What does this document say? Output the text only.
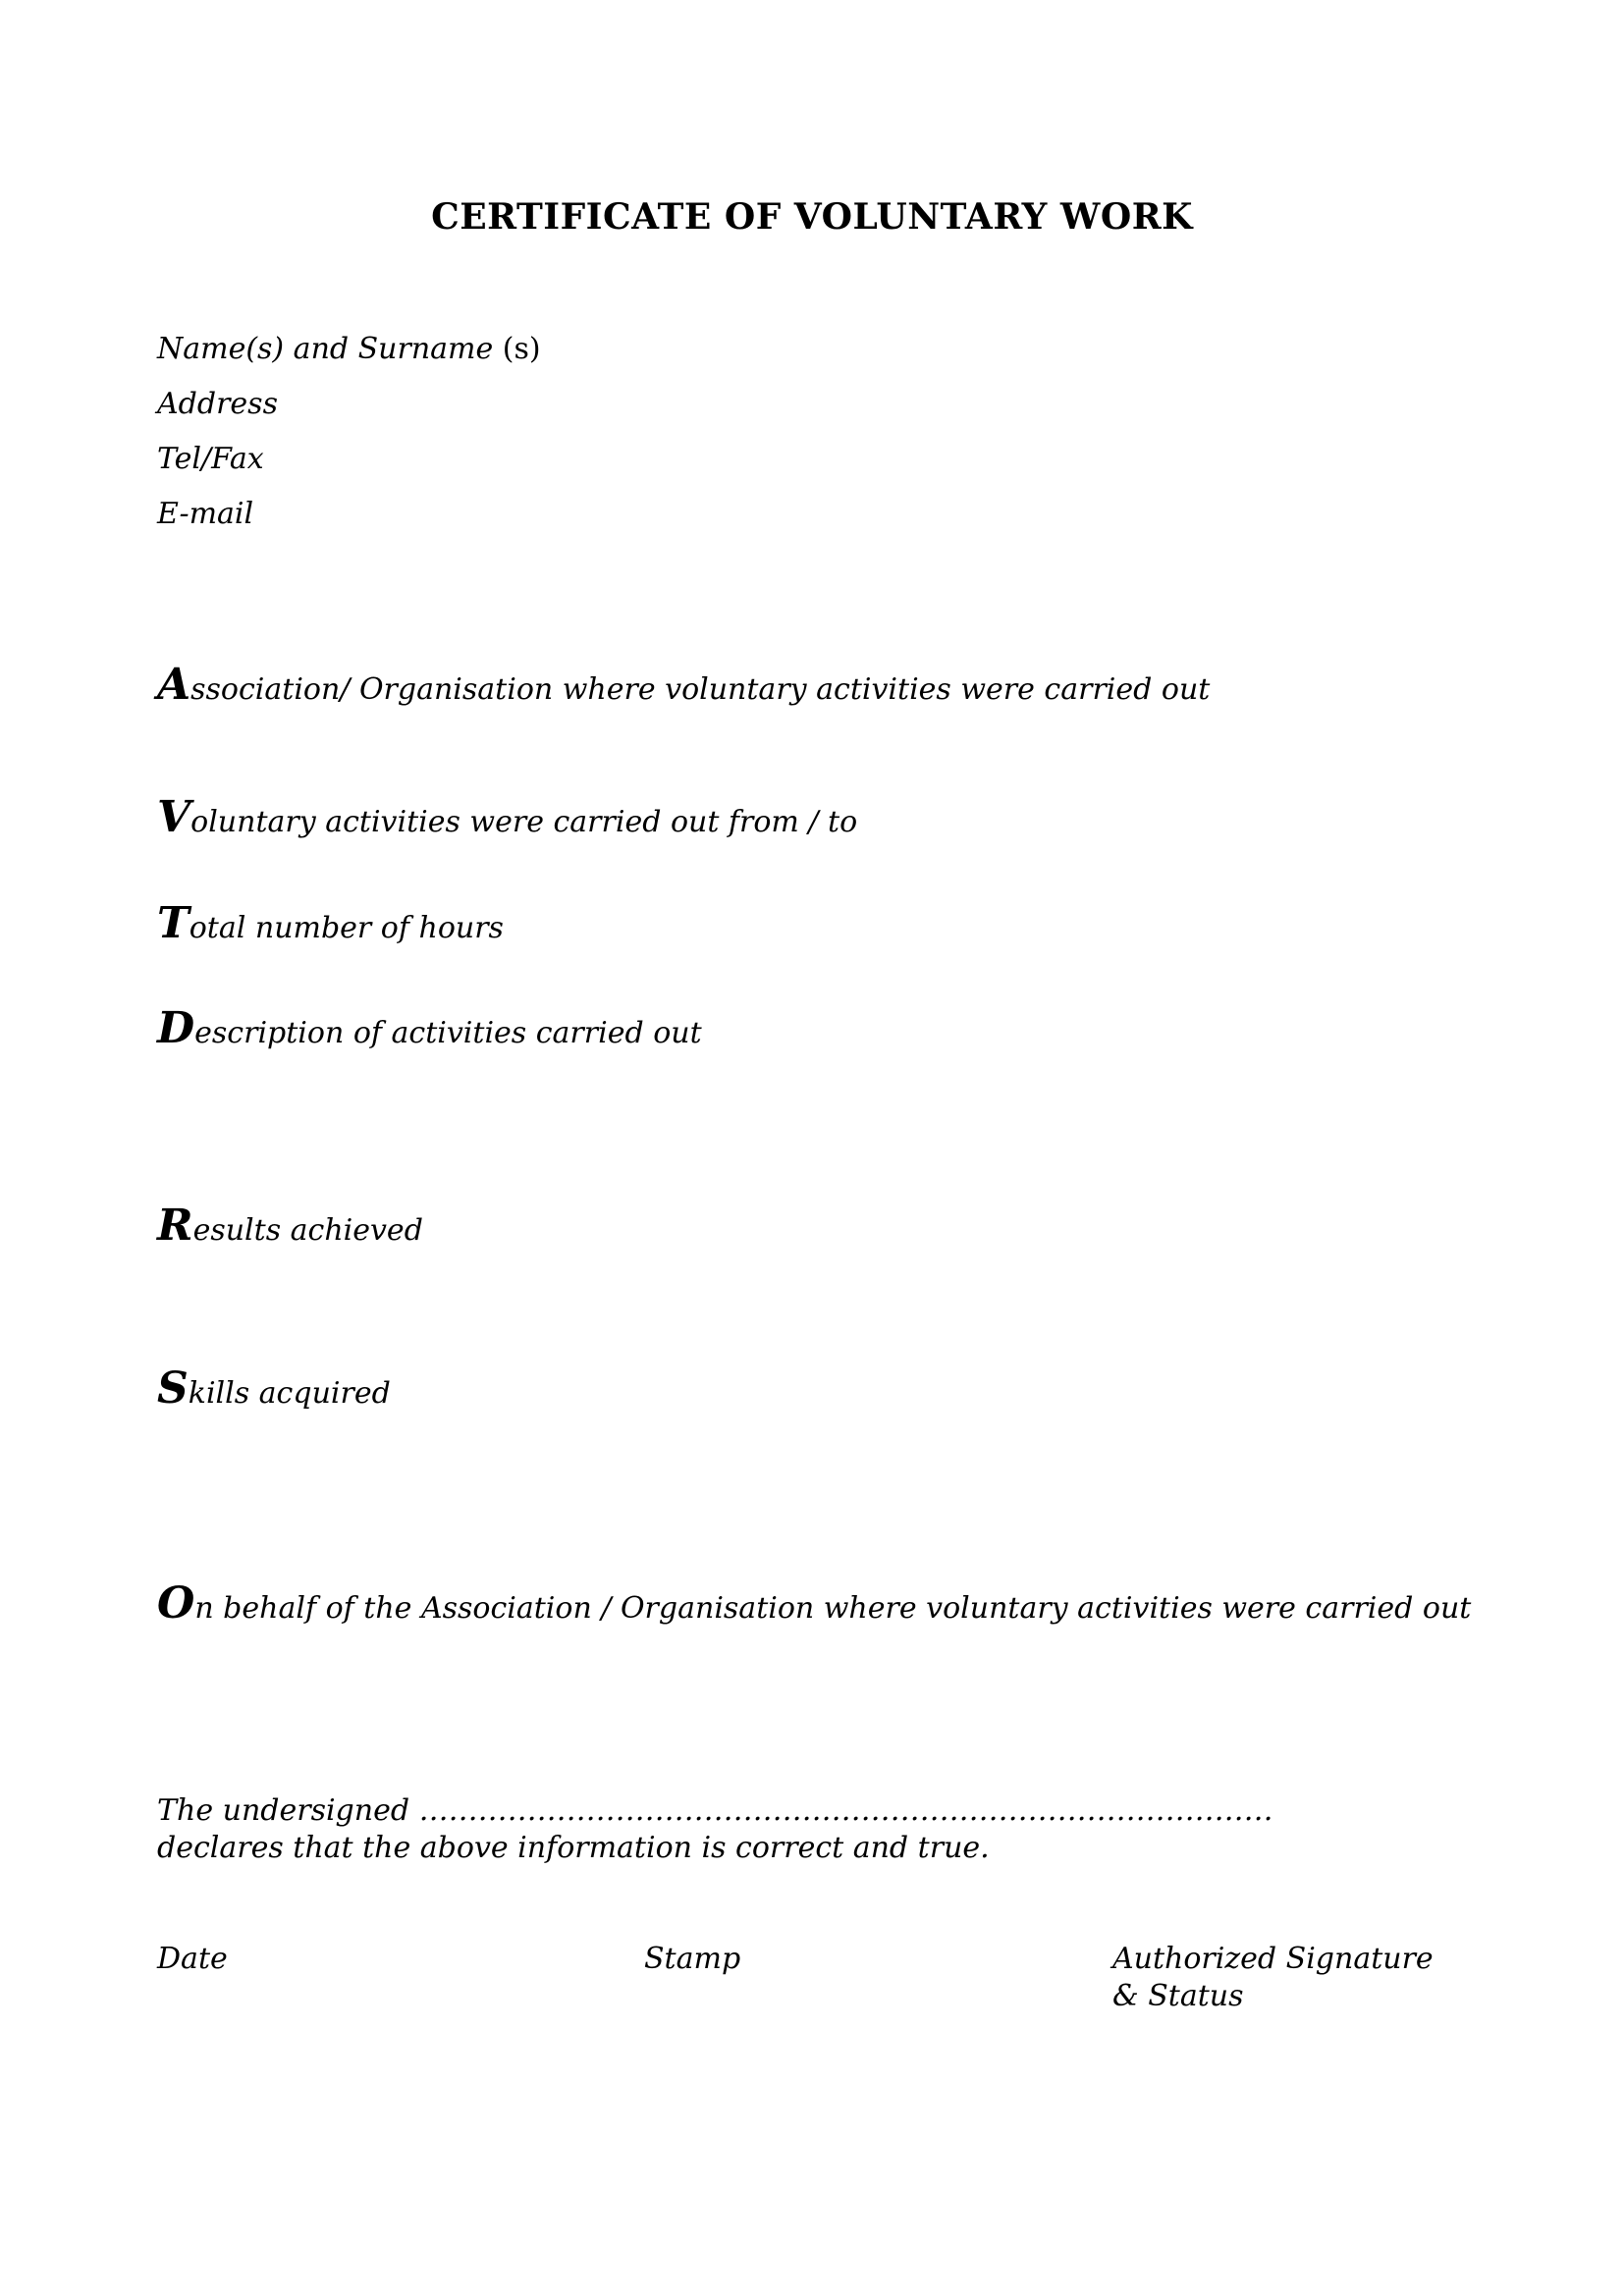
CERTIFICATE OF VOLUNTARY WORK
Name(s) and Surname (s)
Address
Tel/Fax
E-mail
Association/ Organisation where voluntary activities were carried out
Voluntary activities were carried out from / to
Total number of hours
Description of activities carried out
Results achieved
Skills acquired
On behalf of the Association / Organisation where voluntary activities were carried out
The undersigned ……………………………………………………………………………
declares that the above information is correct and true.
Date	Stamp	Authorized Signature
& Status
